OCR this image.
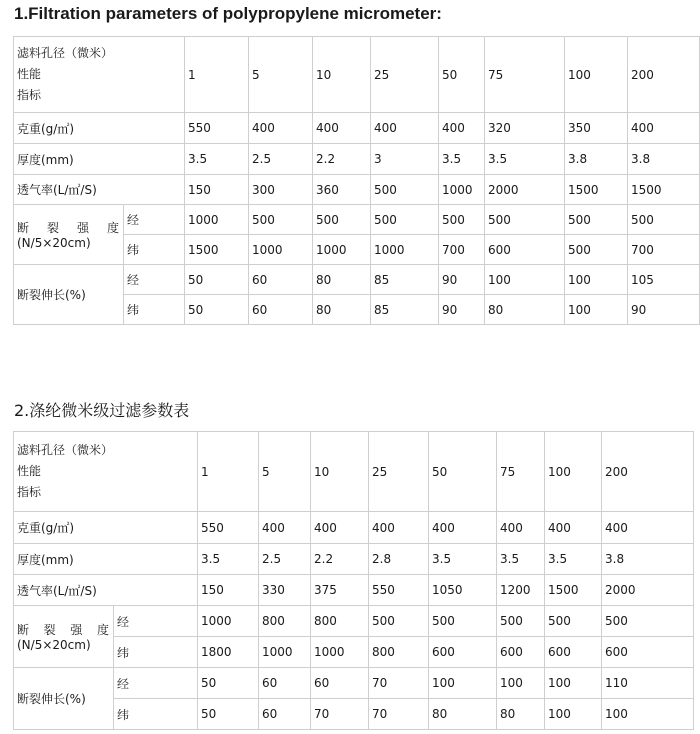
1.Filtration parameters of polypropylene micrometer:
滤料孔径（微米）
性能
指标		1	5	10	25	50	75	100	200
克重(g/㎡)		550	400	400	400	400	320	350	400
厚度(mm)		3.5	2.5	2.2	3	3.5	3.5	3.8	3.8
透气率(L/㎡/S)		150	300	360	500	1000	2000	1500	1500

断 裂 强 度
(N/5×20cm)	经	1000	500	500	500	500	500	500	500
	纬	1500	1000	1000	1000	700	600	500	700
断裂伸长(%)	经	50	60	80	85	90	100	100	105
	纬	50	60	80	85	90	80	100	90
2.涤纶微米级过滤参数表
滤料孔径（微米）
性能
指标		1	5	10	25	50	75	100	200
克重(g/㎡)		550	400	400	400	400	400	400	400
厚度(mm)		3.5	2.5	2.2	2.8	3.5	3.5	3.5	3.8
透气率(L/㎡/S)		150	330	375	550	1050	1200	1500	2000

断 裂 强 度
(N/5×20cm)	经	1000	800	800	500	500	500	500	500
	纬	1800	1000	1000	800	600	600	600	600
断裂伸长(%)	经	50	60	60	70	100	100	100	110
	纬	50	60	70	70	80	80	100	100
